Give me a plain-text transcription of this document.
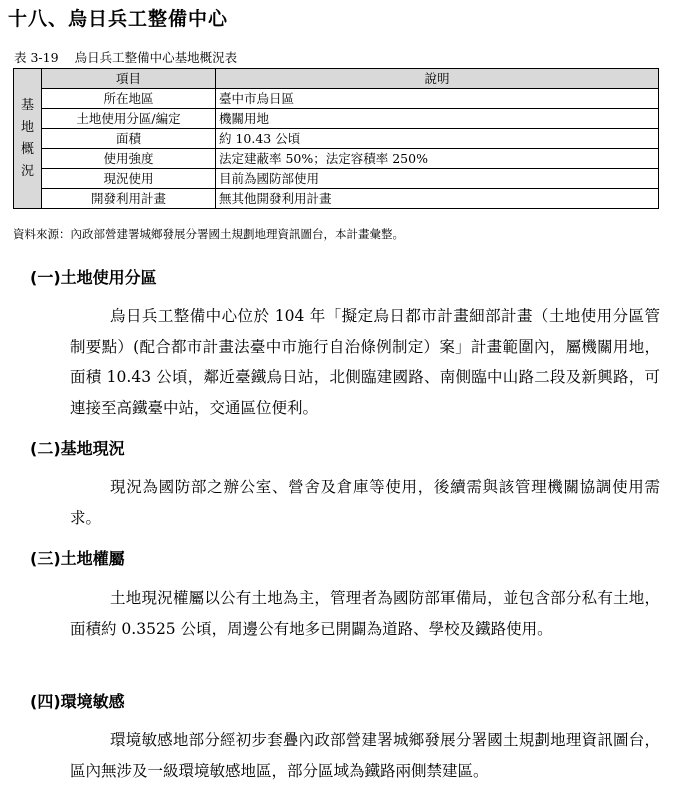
十八、烏日兵工整備中心
表 3-19 烏日兵工整備中心基地概況表
基地概況	項目	說明
	所在地區	臺中市烏日區
	土地使用分區/編定	機關用地
	面積	約 10.43 公頃
	使用強度	法定建蔽率 50%；法定容積率 250%
	現況使用	目前為國防部使用
	開發利用計畫	無其他開發利用計畫
資料來源：內政部營建署城鄉發展分署國土規劃地理資訊圖台，本計畫彙整。
(一)土地使用分區

烏日兵工整備中心位於 104 年「擬定烏日都市計畫細部計畫（土地使用分區管制要點）(配合都市計畫法臺中市施行自治條例制定）案」計畫範圍內，屬機關用地，面積 10.43 公頃，鄰近臺鐵烏日站，北側臨建國路、南側臨中山路二段及新興路，可連接至高鐵臺中站，交通區位便利。

(二)基地現況

現況為國防部之辦公室、營舍及倉庫等使用，後續需與該管理機關協調使用需求。

(三)土地權屬

土地現況權屬以公有土地為主，管理者為國防部軍備局，並包含部分私有土地，面積約 0.3525 公頃，周邊公有地多已開闢為道路、學校及鐵路使用。

(四)環境敏感

環境敏感地部分經初步套疊內政部營建署城鄉發展分署國土規劃地理資訊圖台，區內無涉及一級環境敏感地區，部分區域為鐵路兩側禁建區。
